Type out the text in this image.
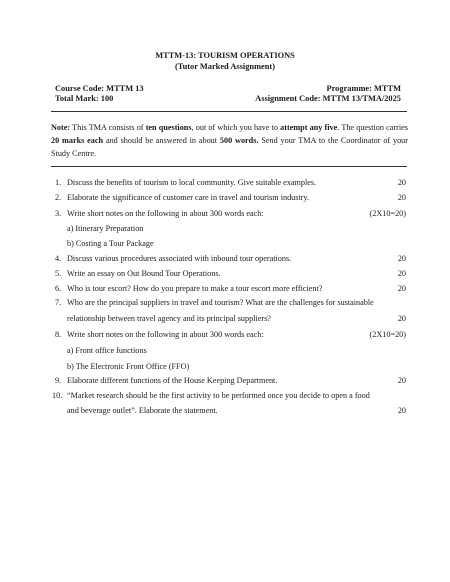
MTTM-13: TOURISM OPERATIONS
(Tutor Marked Assignment)
Course Code: MTTM 13
Total Mark: 100
Programme: MTTM
Assignment Code: MTTM 13/TMA/2025
Note: This TMA consists of ten questions, out of which you have to attempt any five. The question carries 20 marks each and should be answered in about 500 words. Send your TMA to the Coordinator of your Study Centre.
1. Discuss the benefits of tourism to local community. Give suitable examples.	20
2. Elaborate the significance of customer care in travel and tourism industry.	20
3. Write short notes on the following in about 300 words each:	(2X10=20)
a) Itinerary Preparation
b) Costing a Tour Package
4. Discuss various procedures associated with inbound tour operations.	20
5. Write an essay on Out Bound Tour Operations.	20
6. Who is tour escort? How do you prepare to make a tour escort more efficient?	20
7. Who are the principal suppliers in travel and tourism? What are the challenges for sustainable
relationship between travel agency and its principal suppliers?	20
8. Write short notes on the following in about 300 words each:	(2X10=20)
a) Front office functions
b) The Electronic Front Office (FFO)
9. Elaborate different functions of the House Keeping Department.	20
10. “Market research should be the first activity to be performed once you decide to open a food
and beverage outlet”. Elaborate the statement.	20
